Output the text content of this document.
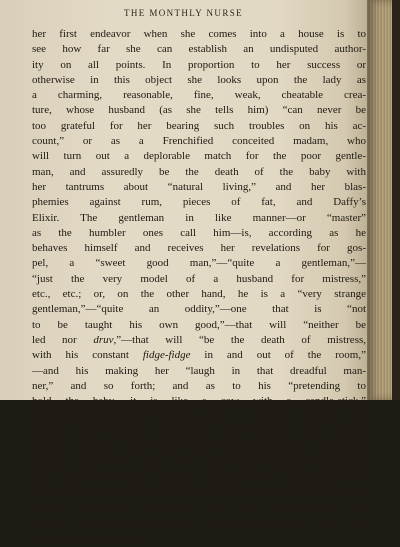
THE MONTHLY NURSE
her first endeavor when she comes into a house is to
see how far she can establish an undisputed author-
ity on all points. In proportion to her success or
otherwise in this object she looks upon the lady as
a charming, reasonable, fine, weak, cheatable crea-
ture, whose husband (as she tells him) “can never be
too grateful for her bearing such troubles on his ac-
count,” or as a Frenchified conceited madam, who
will turn out a deplorable match for the poor gentle-
man, and assuredly be the death of the baby with
her tantrums about “natural living,” and her blas-
phemies against rum, pieces of fat, and Daffy’s
Elixir. The gentleman in like manner—or “master”
as the humbler ones call him—is, according as he
behaves himself and receives her revelations for gos-
pel, a “sweet good man,”—“quite a gentleman,”—
“just the very model of a husband for mistress,”
etc., etc.; or, on the other hand, he is a “very strange
gentleman,”—“quite an oddity,”—one that is “not
to be taught his own good,”—that will “neither be
led nor druv,”—that will “be the death of mistress,
with his constant fidge-fidge in and out of the room,”
—and his making her “laugh in that dreadful man-
ner,” and so forth; and as to his “pretending to
hold the baby, it is like a cow with a candle-stick.”
“Holding the baby,” indeed, is a science which she
reckons to belong exclusively to herself; she makes
it the greatest favor to visitor or servant to let them
venture upon a trial of it; and affable intimations
are given to the oldest mothers of families, who
come to see her mistress, how they will do well to
receive a little instruction on that head, and not
venture to substitute their fine-spun theories for her
long-tested experience
